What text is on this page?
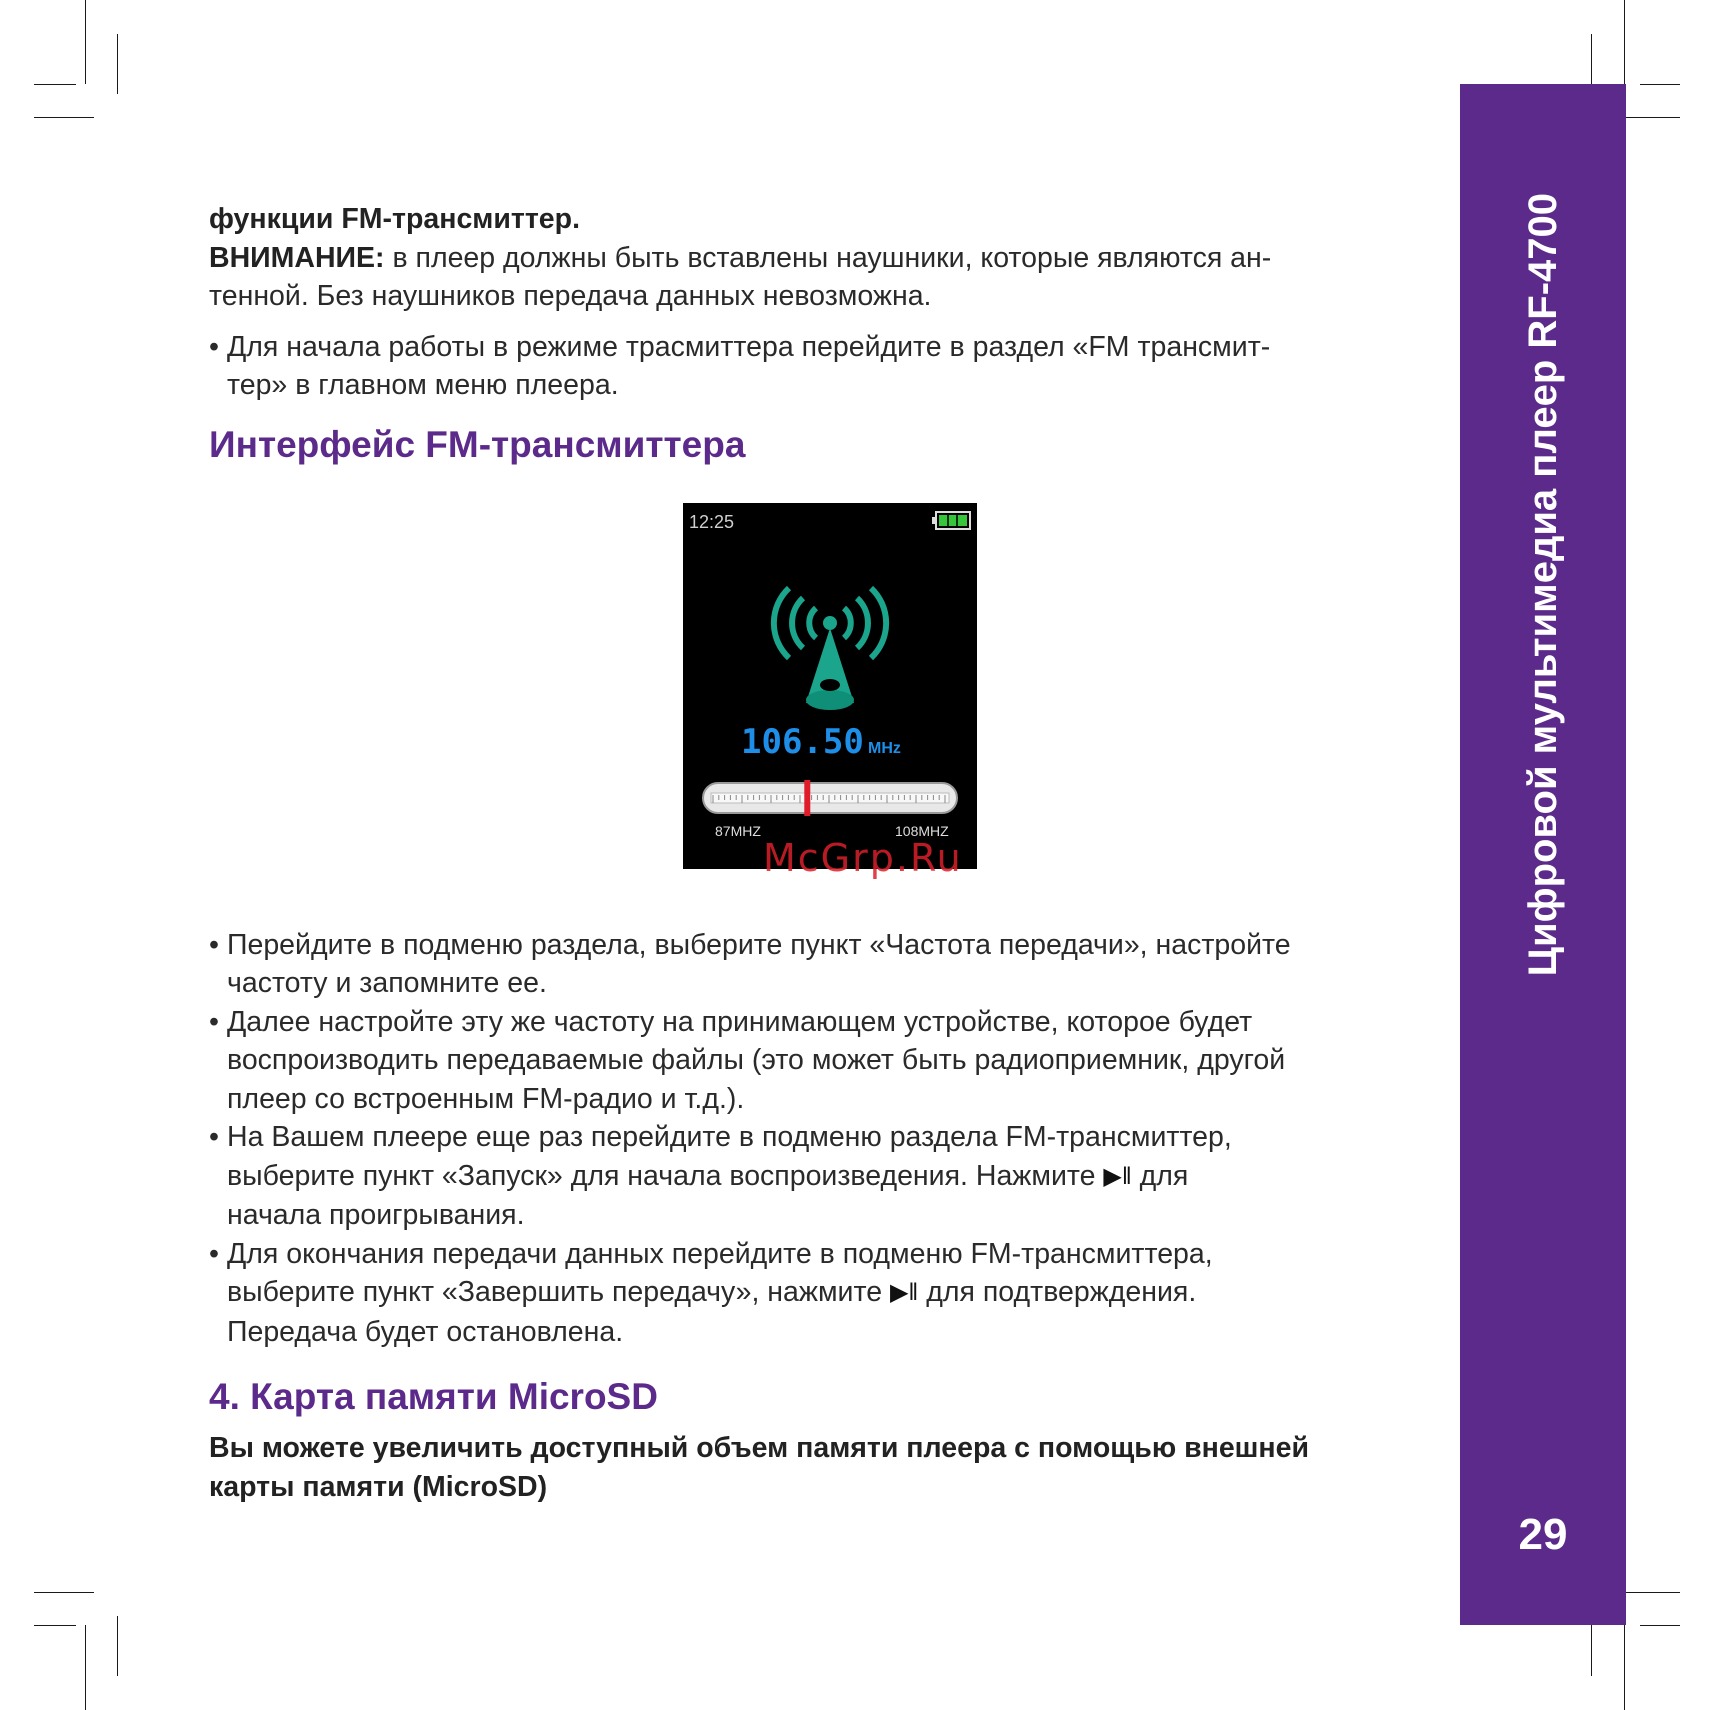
Цифровой мультимедиа плеер RF-4700
29

функции FM-трансмиттер.

ВНИМАНИЕ: в плеер должны быть вставлены наушники, которые являются ан-

тенной. Без наушников передача данных невозможна.

• Для начала работы в режиме трасмиттера перейдите в раздел «FM трансмит-
тер» в главном меню плеера.

Интерфейс FM-трансмиттера

• Перейдите в подменю раздела, выберите пункт «Частота передачи», настройте
частоту и запомните ее.

• Далее настройте эту же частоту на принимающем устройстве, которое будет
воспроизводить передаваемые файлы (это может быть радиоприемник, другой
плеер со встроенным FM-радио и т.д.).

• На Вашем плеере еще раз перейдите в подменю раздела FM-трансмиттер,
выберите пункт «Запуск» для начала воспроизведения. Нажмите ▶‖ для
начала проигрывания.

• Для окончания передачи данных перейдите в подменю FM-трансмиттера,
выберите пункт «Завершить передачу», нажмите ▶‖ для подтверждения.
Передача будет остановлена.

4. Карта памяти MicroSD

Вы можете увеличить доступный объем памяти плеера с помощью внешней
карты памяти (MicroSD)

12:25
106.50 MHz
87MHZ	108MHZ
McGrp.Ru
